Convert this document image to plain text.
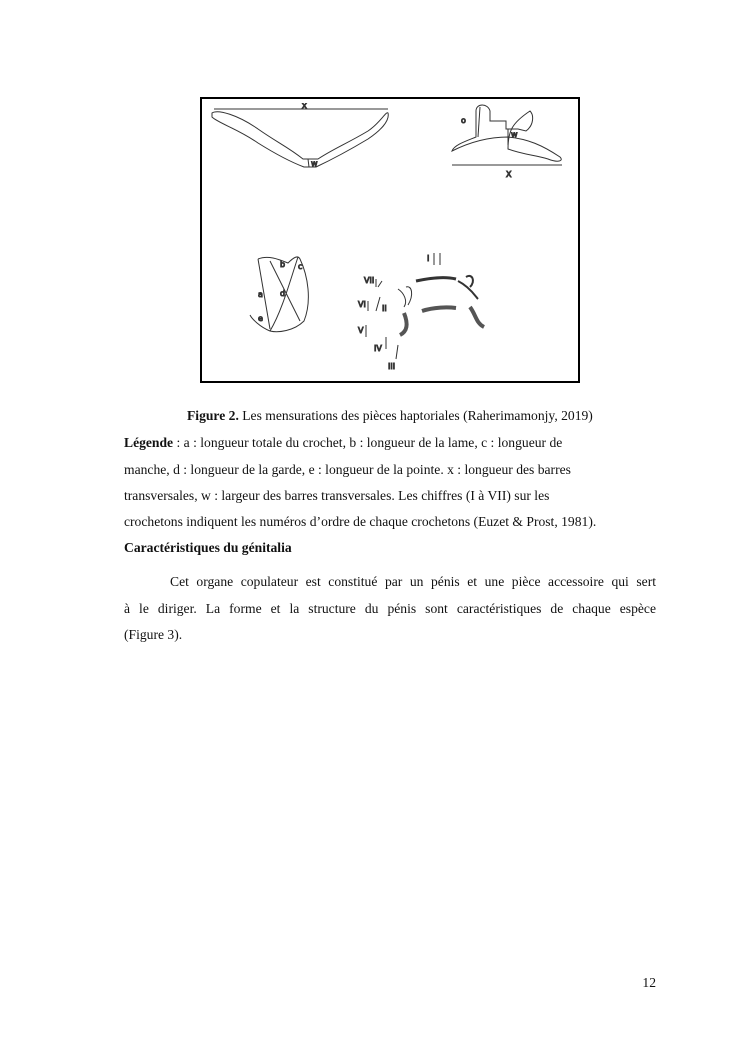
x
w
o
w
X
a
b c
d
e
I
III
IV
V
VI
VII
II
Figure 2. Les mensurations des pièces haptoriales (Raherimamonjy, 2019)
Légende : a : longueur totale du crochet, b : longueur de la lame, c : longueur de
manche, d : longueur de la garde, e : longueur de la pointe. x : longueur des barres
transversales, w : largeur des barres transversales. Les chiffres (I à VII) sur les
crochetons indiquent les numéros d’ordre de chaque crochetons (Euzet & Prost, 1981).
Caractéristiques du génitalia
Cet organe copulateur est constitué par un pénis et une pièce accessoire qui sert
à le diriger. La forme et la structure du pénis sont caractéristiques de chaque espèce
(Figure 3).
12
